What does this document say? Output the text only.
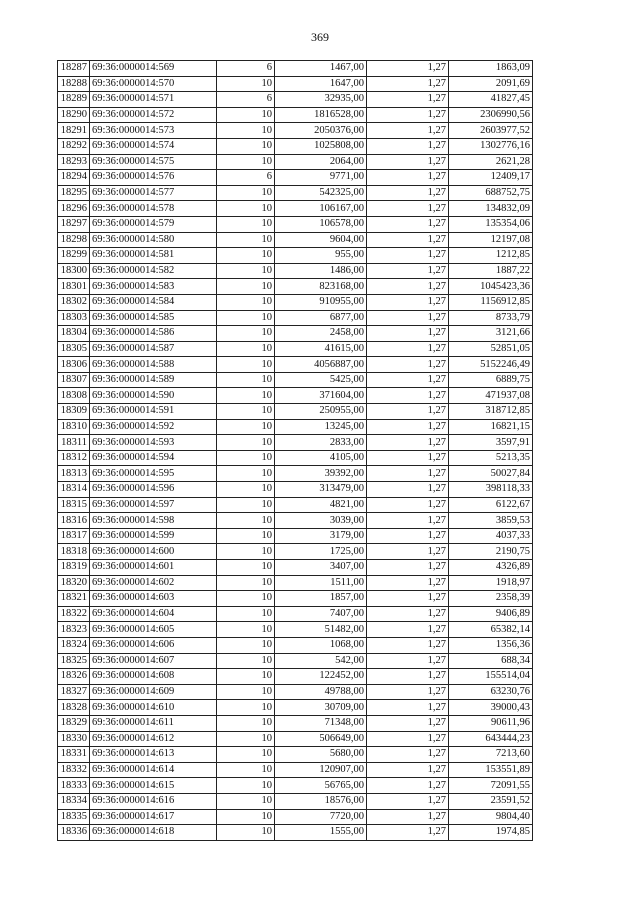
369
18287	69:36:0000014:569	6	1467,00	1,27	1863,09
18288	69:36:0000014:570	10	1647,00	1,27	2091,69
18289	69:36:0000014:571	6	32935,00	1,27	41827,45
18290	69:36:0000014:572	10	1816528,00	1,27	2306990,56
18291	69:36:0000014:573	10	2050376,00	1,27	2603977,52
18292	69:36:0000014:574	10	1025808,00	1,27	1302776,16
18293	69:36:0000014:575	10	2064,00	1,27	2621,28
18294	69:36:0000014:576	6	9771,00	1,27	12409,17
18295	69:36:0000014:577	10	542325,00	1,27	688752,75
18296	69:36:0000014:578	10	106167,00	1,27	134832,09
18297	69:36:0000014:579	10	106578,00	1,27	135354,06
18298	69:36:0000014:580	10	9604,00	1,27	12197,08
18299	69:36:0000014:581	10	955,00	1,27	1212,85
18300	69:36:0000014:582	10	1486,00	1,27	1887,22
18301	69:36:0000014:583	10	823168,00	1,27	1045423,36
18302	69:36:0000014:584	10	910955,00	1,27	1156912,85
18303	69:36:0000014:585	10	6877,00	1,27	8733,79
18304	69:36:0000014:586	10	2458,00	1,27	3121,66
18305	69:36:0000014:587	10	41615,00	1,27	52851,05
18306	69:36:0000014:588	10	4056887,00	1,27	5152246,49
18307	69:36:0000014:589	10	5425,00	1,27	6889,75
18308	69:36:0000014:590	10	371604,00	1,27	471937,08
18309	69:36:0000014:591	10	250955,00	1,27	318712,85
18310	69:36:0000014:592	10	13245,00	1,27	16821,15
18311	69:36:0000014:593	10	2833,00	1,27	3597,91
18312	69:36:0000014:594	10	4105,00	1,27	5213,35
18313	69:36:0000014:595	10	39392,00	1,27	50027,84
18314	69:36:0000014:596	10	313479,00	1,27	398118,33
18315	69:36:0000014:597	10	4821,00	1,27	6122,67
18316	69:36:0000014:598	10	3039,00	1,27	3859,53
18317	69:36:0000014:599	10	3179,00	1,27	4037,33
18318	69:36:0000014:600	10	1725,00	1,27	2190,75
18319	69:36:0000014:601	10	3407,00	1,27	4326,89
18320	69:36:0000014:602	10	1511,00	1,27	1918,97
18321	69:36:0000014:603	10	1857,00	1,27	2358,39
18322	69:36:0000014:604	10	7407,00	1,27	9406,89
18323	69:36:0000014:605	10	51482,00	1,27	65382,14
18324	69:36:0000014:606	10	1068,00	1,27	1356,36
18325	69:36:0000014:607	10	542,00	1,27	688,34
18326	69:36:0000014:608	10	122452,00	1,27	155514,04
18327	69:36:0000014:609	10	49788,00	1,27	63230,76
18328	69:36:0000014:610	10	30709,00	1,27	39000,43
18329	69:36:0000014:611	10	71348,00	1,27	90611,96
18330	69:36:0000014:612	10	506649,00	1,27	643444,23
18331	69:36:0000014:613	10	5680,00	1,27	7213,60
18332	69:36:0000014:614	10	120907,00	1,27	153551,89
18333	69:36:0000014:615	10	56765,00	1,27	72091,55
18334	69:36:0000014:616	10	18576,00	1,27	23591,52
18335	69:36:0000014:617	10	7720,00	1,27	9804,40
18336	69:36:0000014:618	10	1555,00	1,27	1974,85
